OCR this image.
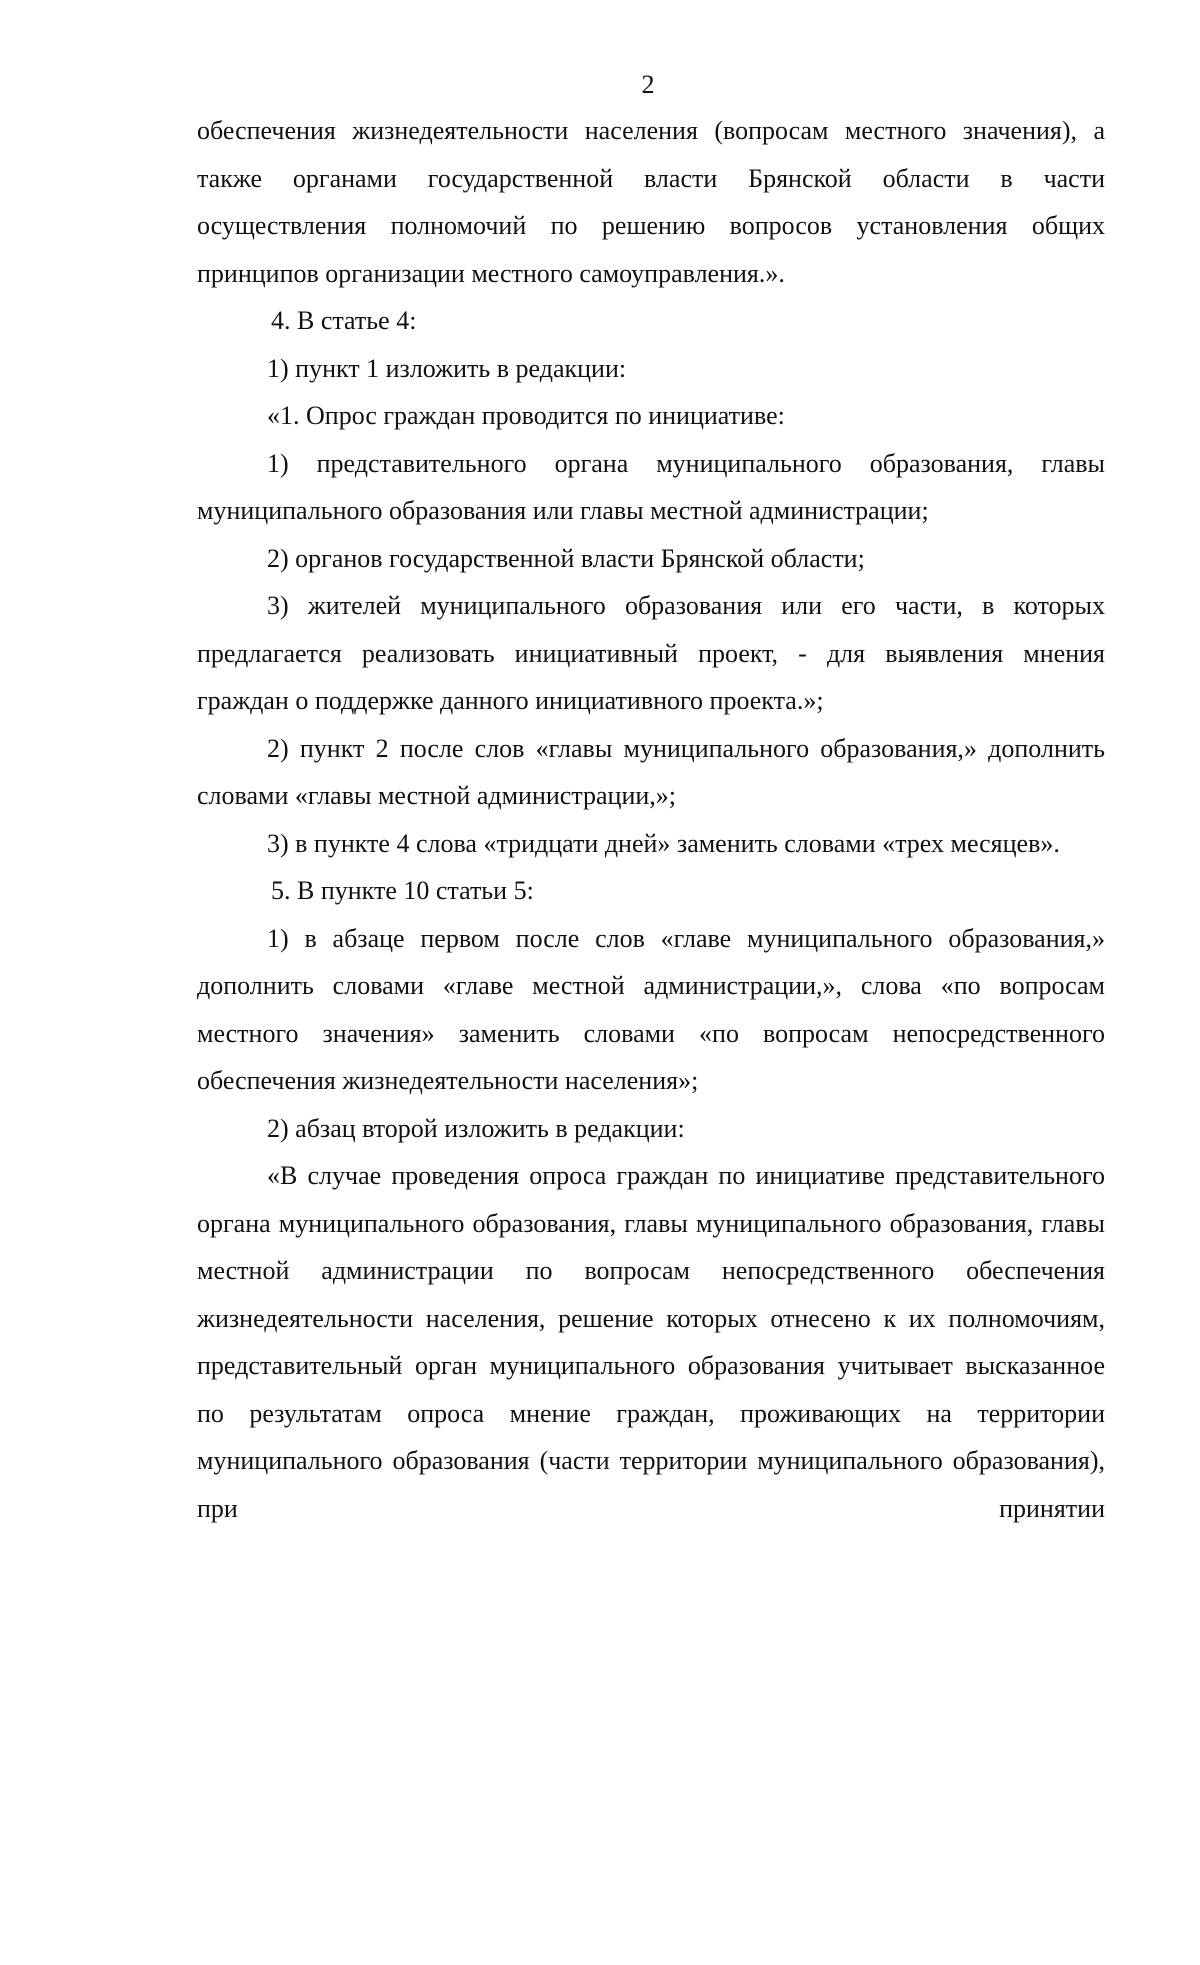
2

обеспечения жизнедеятельности населения (вопросам местного значения), а также органами государственной власти Брянской области в части осуществления полномочий по решению вопросов установления общих принципов организации местного самоуправления.».

4. В статье 4:

1) пункт 1 изложить в редакции:

«1. Опрос граждан проводится по инициативе:

1) представительного органа муниципального образования, главы муниципального образования или главы местной администрации;

2) органов государственной власти Брянской области;

3) жителей муниципального образования или его части, в которых предлагается реализовать инициативный проект, - для выявления мнения граждан о поддержке данного инициативного проекта.»;

2) пункт 2 после слов «главы муниципального образования,» дополнить словами «главы местной администрации,»;

3) в пункте 4 слова «тридцати дней» заменить словами «трех месяцев».

5. В пункте 10 статьи 5:

1) в абзаце первом после слов «главе муниципального образования,» дополнить словами «главе местной администрации,», слова «по вопросам местного значения» заменить словами «по вопросам непосредственного обеспечения жизнедеятельности населения»;

2) абзац второй изложить в редакции:

«В случае проведения опроса граждан по инициативе представительного органа муниципального образования, главы муниципального образования, главы местной администрации по вопросам непосредственного обеспечения жизнедеятельности населения, решение которых отнесено к их полномочиям, представительный орган муниципального образования учитывает высказанное по результатам опроса мнение граждан, проживающих на территории муниципального образования (части территории муниципального образования), при принятии
